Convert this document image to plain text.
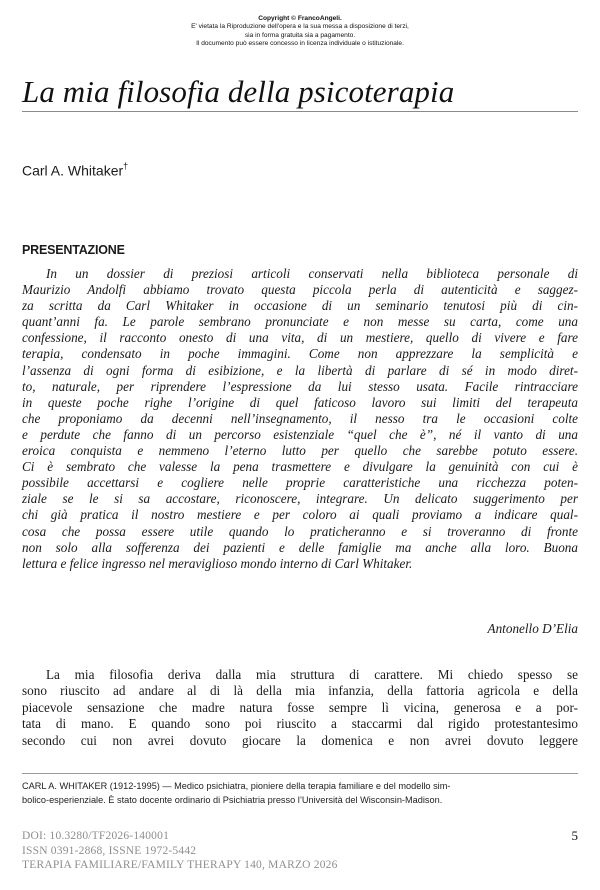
Copyright © FrancoAngeli.
E' vietata la Riproduzione dell'opera e la sua messa a disposizione di terzi,
sia in forma gratuita sia a pagamento.
Il documento può essere concesso in licenza individuale o istituzionale.
La mia filosofia della psicoterapia
Carl A. Whitaker†
PRESENTAZIONE
In un dossier di preziosi articoli conservati nella biblioteca personale di
Maurizio Andolfi abbiamo trovato questa piccola perla di autenticità e saggez-
za scritta da Carl Whitaker in occasione di un seminario tenutosi più di cin-
quant’anni fa. Le parole sembrano pronunciate e non messe su carta, come una
confessione, il racconto onesto di una vita, di un mestiere, quello di vivere e fare
terapia, condensato in poche immagini. Come non apprezzare la semplicità e
l’assenza di ogni forma di esibizione, e la libertà di parlare di sé in modo diret-
to, naturale, per riprendere l’espressione da lui stesso usata. Facile rintracciare
in queste poche righe l’origine di quel faticoso lavoro sui limiti del terapeuta
che proponiamo da decenni nell’insegnamento, il nesso tra le occasioni colte
e perdute che fanno di un percorso esistenziale “quel che è”, né il vanto di una
eroica conquista e nemmeno l’eterno lutto per quello che sarebbe potuto essere.
Ci è sembrato che valesse la pena trasmettere e divulgare la genuinità con cui è
possibile accettarsi e cogliere nelle proprie caratteristiche una ricchezza poten-
ziale se le si sa accostare, riconoscere, integrare. Un delicato suggerimento per
chi già pratica il nostro mestiere e per coloro ai quali proviamo a indicare qual-
cosa che possa essere utile quando lo praticheranno e si troveranno di fronte
non solo alla sofferenza dei pazienti e delle famiglie ma anche alla loro. Buona
lettura e felice ingresso nel meraviglioso mondo interno di Carl Whitaker.
Antonello D’Elia
La mia filosofia deriva dalla mia struttura di carattere. Mi chiedo spesso se
sono riuscito ad andare al di là della mia infanzia, della fattoria agricola e della
piacevole sensazione che madre natura fosse sempre lì vicina, generosa e a por-
tata di mano. E quando sono poi riuscito a staccarmi dal rigido protestantesimo
secondo cui non avrei dovuto giocare la domenica e non avrei dovuto leggere
CARL A. WHITAKER (1912-1995) — Medico psichiatra, pioniere della terapia familiare e del modello sim-
bolico-esperienziale. È stato docente ordinario di Psichiatria presso l’Università del Wisconsin-Madison.
DOI: 10.3280/TF2026-140001
ISSN 0391-2868, ISSNE 1972-5442
TERAPIA FAMILIARE/FAMILY THERAPY 140, MARZO 2026
5
